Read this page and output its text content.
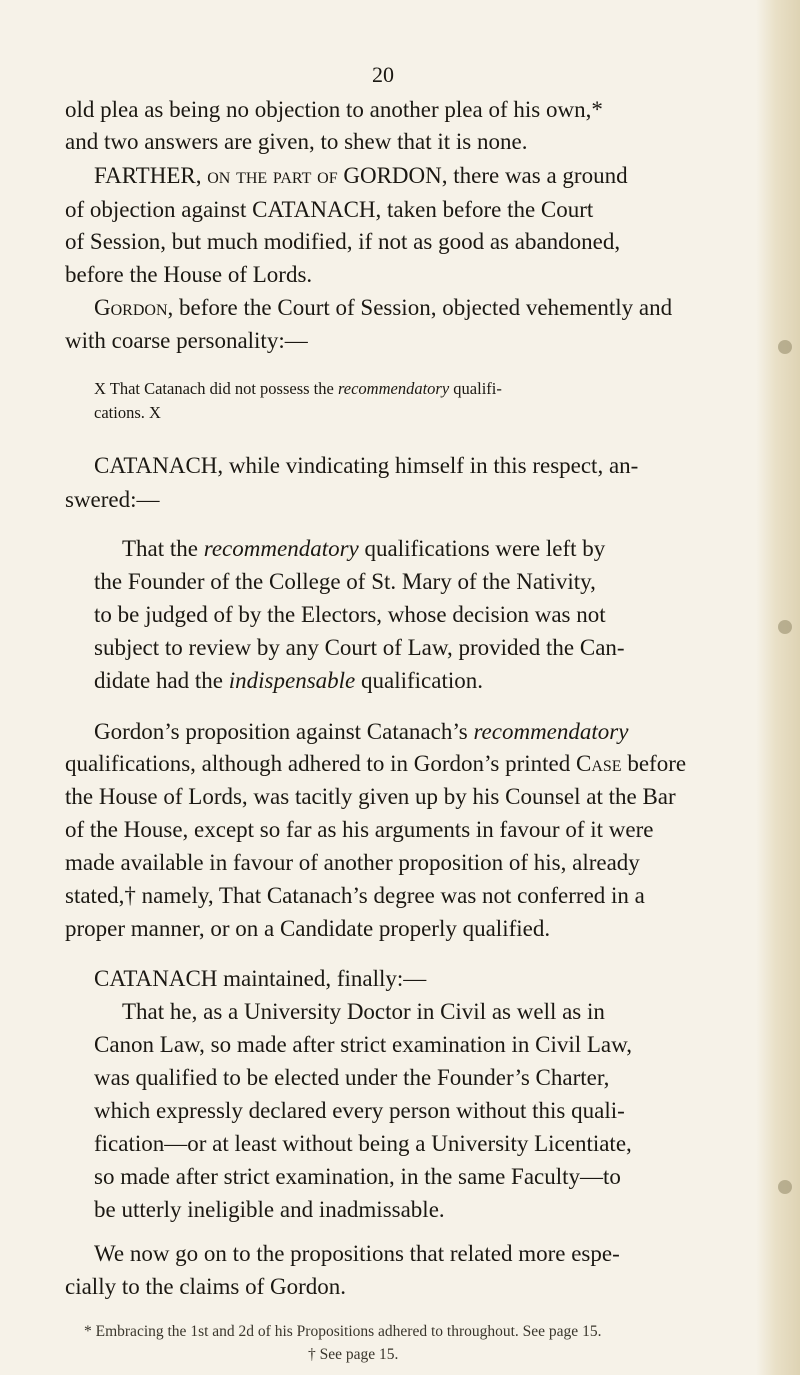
20
old plea as being no objection to another plea of his own,*
and two answers are given, to shew that it is none.
FARTHER, on the part of GORDON, there was a ground
of objection against CATANACH, taken before the Court
of Session, but much modified, if not as good as abandoned,
before the House of Lords.
Gordon, before the Court of Session, objected vehemently and
with coarse personality:—
X That Catanach did not possess the recommendatory qualifi-
cations. X
CATANACH, while vindicating himself in this respect, an-
swered:—
That the recommendatory qualifications were left by
the Founder of the College of St. Mary of the Nativity,
to be judged of by the Electors, whose decision was not
subject to review by any Court of Law, provided the Can-
didate had the indispensable qualification.
Gordon’s proposition against Catanach’s recommendatory
qualifications, although adhered to in Gordon’s printed Case before
the House of Lords, was tacitly given up by his Counsel at the Bar
of the House, except so far as his arguments in favour of it were
made available in favour of another proposition of his, already
stated,† namely, That Catanach’s degree was not conferred in a
proper manner, or on a Candidate properly qualified.
CATANACH maintained, finally:—
That he, as a University Doctor in Civil as well as in
Canon Law, so made after strict examination in Civil Law,
was qualified to be elected under the Founder’s Charter,
which expressly declared every person without this quali-
fication—or at least without being a University Licentiate,
so made after strict examination, in the same Faculty—to
be utterly ineligible and inadmissable.
We now go on to the propositions that related more espe-
cially to the claims of Gordon.
* Embracing the 1st and 2d of his Propositions adhered to throughout. See page 15.
† See page 15.
